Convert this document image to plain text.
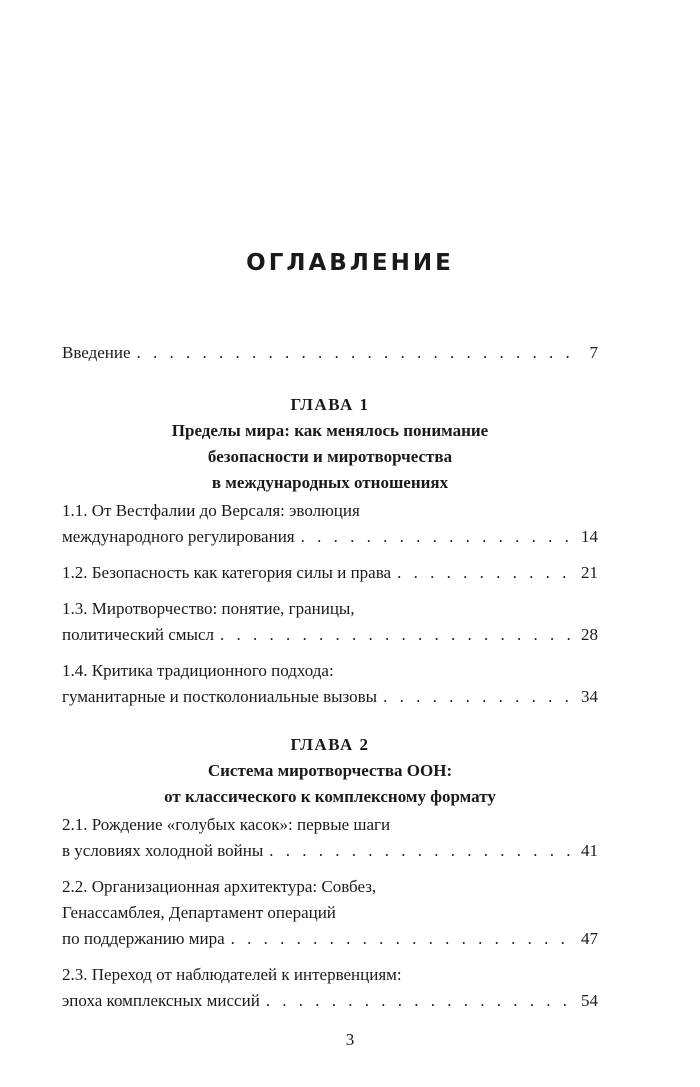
ОГЛАВЛЕНИЕ
Введение . . .	7
ГЛАВА 1
Пределы мира: как менялось понимание
безопасности и миротворчества
в международных отношениях
1.1. От Вестфалии до Версаля: эволюция
международного регулирования . . .	14
1.2. Безопасность как категория силы и права . . .	21
1.3. Миротворчество: понятие, границы,
политический смысл . . .	28
1.4. Критика традиционного подхода:
гуманитарные и постколониальные вызовы . . .	34
ГЛАВА 2
Система миротворчества ООН:
от классического к комплексному формату
2.1. Рождение «голубых касок»: первые шаги
в условиях холодной войны . . .	41
2.2. Организационная архитектура: Совбез,
Генассамблея, Департамент операций
по поддержанию мира . . .	47
2.3. Переход от наблюдателей к интервенциям:
эпоха комплексных миссий . . .	54
3
